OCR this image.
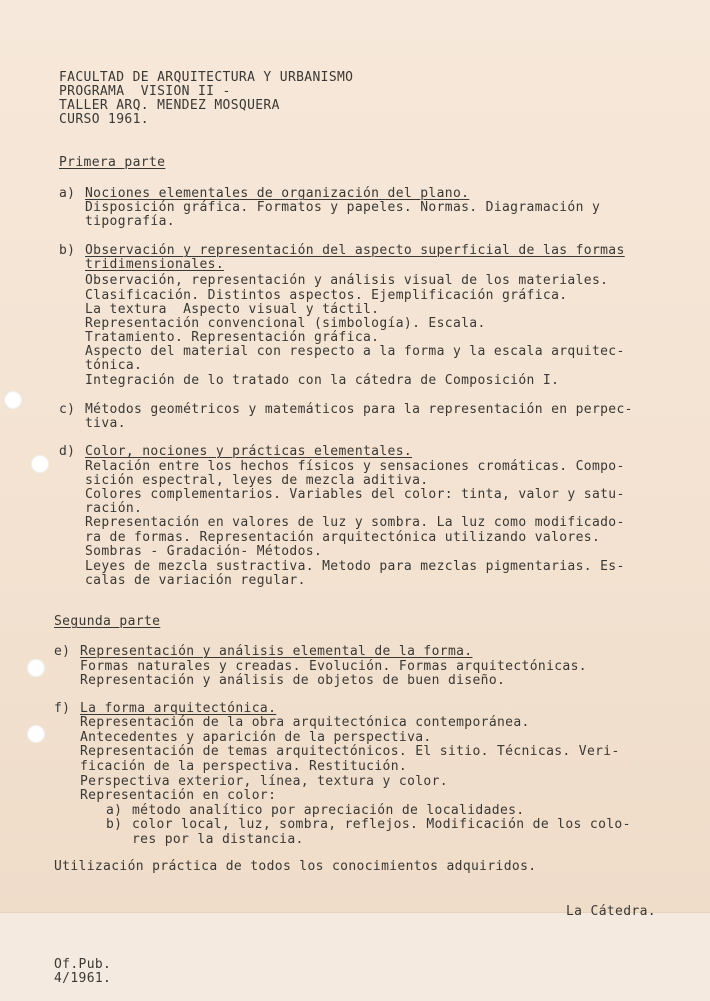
FACULTAD DE ARQUITECTURA Y URBANISMO
PROGRAMA  VISION II -
TALLER ARQ. MENDEZ MOSQUERA
CURSO 1961.
Primera parte
a) Nociones elementales de organización del plano.
Disposición gráfica. Formatos y papeles. Normas. Diagramación y
tipografía.
b) Observación y representación del aspecto superficial de las formas
tridimensionales.
Observación, representación y análisis visual de los materiales.
Clasificación. Distintos aspectos. Ejemplificación gráfica.
La textura  Aspecto visual y táctil.
Representación convencional (simbología). Escala.
Tratamiento. Representación gráfica.
Aspecto del material con respecto a la forma y la escala arquitec-
tónica.
Integración de lo tratado con la cátedra de Composición I.
c) Métodos geométricos y matemáticos para la representación en perpec-
tiva.
d) Color, nociones y prácticas elementales.
Relación entre los hechos físicos y sensaciones cromáticas. Compo-
sición espectral, leyes de mezcla aditiva.
Colores complementarios. Variables del color: tinta, valor y satu-
ración.
Representación en valores de luz y sombra. La luz como modificado-
ra de formas. Representación arquitectónica utilizando valores.
Sombras - Gradación- Métodos.
Leyes de mezcla sustractiva. Metodo para mezclas pigmentarias. Es-
calas de variación regular.
Segunda parte
e) Representación y análisis elemental de la forma.
Formas naturales y creadas. Evolución. Formas arquitectónicas.
Representación y análisis de objetos de buen diseño.
f) La forma arquitectónica.
Representación de la obra arquitectónica contemporánea.
Antecedentes y aparición de la perspectiva.
Representación de temas arquitectónicos. El sitio. Técnicas. Veri-
ficación de la perspectiva. Restitución.
Perspectiva exterior, línea, textura y color.
Representación en color:
a) método analítico por apreciación de localidades.
b) color local, luz, sombra, reflejos. Modificación de los colo-
res por la distancia.
Utilización práctica de todos los conocimientos adquiridos.
La Cátedra.
Of.Pub.
4/1961.
